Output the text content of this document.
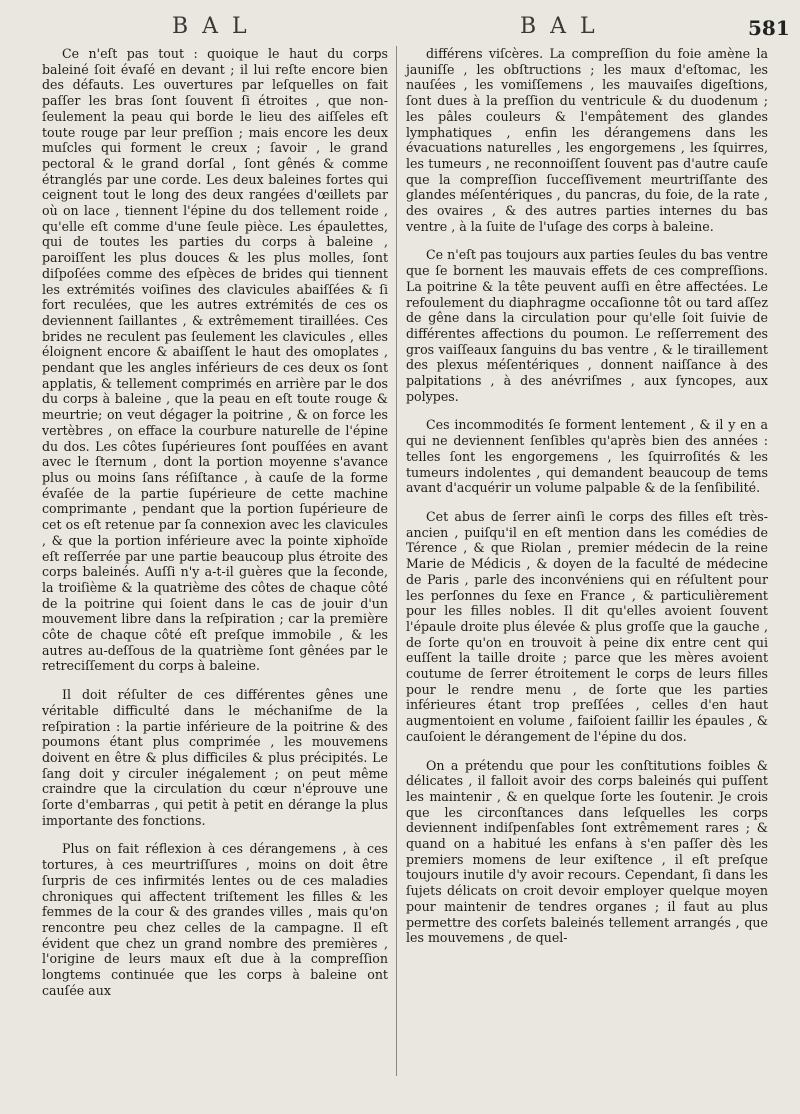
BAL	BAL	581

Ce n'eſt pas tout : quoique le haut du corps baleiné ſoit évaſé en devant ; il lui reſte encore bien des défauts. Les ouvertures par leſquelles on fait paſſer les bras ſont ſouvent ſi étroites , que non-ſeulement la peau qui borde le lieu des aiſſeles eſt toute rouge par leur preſſion ; mais encore les deux muſcles qui forment le creux ; ſavoir , le grand pectoral & le grand dorſal , ſont gênés & comme étranglés par une corde. Les deux baleines fortes qui ceignent tout le long des deux rangées d'œillets par où on lace , tiennent l'épine du dos tellement roide , qu'elle eſt comme d'une ſeule pièce. Les épaulettes, qui de toutes les parties du corps à baleine , paroiſſent les plus douces & les plus molles, ſont diſpoſées comme des eſpèces de brides qui tiennent les extrémités voiſines des clavicules abaiſſées & ſi fort reculées, que les autres extrémités de ces os deviennent ſaillantes , & extrêmement tiraillées. Ces brides ne reculent pas ſeulement les clavicules , elles éloignent encore & abaiſſent le haut des omoplates , pendant que les angles inférieurs de ces deux os ſont applatis, & tellement comprimés en arrière par le dos du corps à baleine , que la peau en eſt toute rouge & meurtrie; on veut dégager la poitrine , & on force les vertèbres , on efface la courbure naturelle de l'épine du dos. Les côtes ſupérieures ſont pouſſées en avant avec le ſternum , dont la portion moyenne s'avance plus ou moins ſans réſiſtance , à cauſe de la forme évaſée de la partie ſupérieure de cette machine comprimante , pendant que la portion ſupérieure de cet os eſt retenue par ſa connexion avec les clavicules , & que la portion inférieure avec la pointe xiphoïde eſt reſſerrée par une partie beaucoup plus étroite des corps baleinés. Auſſi n'y a-t-il guères que la ſeconde, la troiſième & la quatrième des côtes de chaque côté de la poitrine qui ſoient dans le cas de jouir d'un mouvement libre dans la reſpiration ; car la première côte de chaque côté eſt preſque immobile , & les autres au-deſſous de la quatrième ſont gênées par le retreciſſement du corps à baleine.

Il doit réſulter de ces différentes gênes une véritable difficulté dans le méchaniſme de la reſpiration : la partie inférieure de la poitrine & des poumons étant plus comprimée , les mouvemens doivent en être & plus difficiles & plus précipités. Le ſang doit y circuler inégalement ; on peut même craindre que la circulation du cœur n'éprouve une ſorte d'embarras , qui petit à petit en dérange la plus importante des fonctions.

Plus on fait réflexion à ces dérangemens , à ces tortures, à ces meurtriſſures , moins on doit être ſurpris de ces infirmités lentes ou de ces maladies chroniques qui affectent triſtement les filles & les femmes de la cour & des grandes villes , mais qu'on rencontre peu chez celles de la campagne. Il eſt évident que chez un grand nombre des premières , l'origine de leurs maux eſt due à la compreſſion longtems continuée que les corps à baleine ont cauſée aux

différens viſcères. La compreſſion du foie amène la jauniſſe , les obſtructions ; les maux d'eſtomac, les nauſées , les vomiſſemens , les mauvaiſes digeſtions, ſont dues à la preſſion du ventricule & du duodenum ; les pâles couleurs & l'empâtement des glandes lymphatiques , enfin les dérangemens dans les évacuations naturelles , les engorgemens , les ſquirres, les tumeurs , ne reconnoiſſent ſouvent pas d'autre cauſe que la compreſſion ſucceſſivement meurtriſſante des glandes méſentériques , du pancras, du foie, de la rate , des ovaires , & des autres parties internes du bas ventre , à la ſuite de l'uſage des corps à baleine.

Ce n'eſt pas toujours aux parties ſeules du bas ventre que ſe bornent les mauvais effets de ces compreſſions. La poitrine & la tête peuvent auſſi en être affectées. Le refoulement du diaphragme occaſionne tôt ou tard aſſez de gêne dans la circulation pour qu'elle ſoit ſuivie de différentes affections du poumon. Le reſſerrement des gros vaiſſeaux ſanguins du bas ventre , & le tiraillement des plexus méſentériques , donnent naiſſance à des palpitations , à des anévriſmes , aux ſyncopes, aux polypes.

Ces incommodités ſe forment lentement , & il y en a qui ne deviennent ſenſibles qu'après bien des années : telles ſont les engorgemens , les ſquirroſités & les tumeurs indolentes , qui demandent beaucoup de tems avant d'acquérir un volume palpable & de la ſenſibilité.

Cet abus de ſerrer ainſi le corps des filles eſt très-ancien , puiſqu'il en eſt mention dans les comédies de Térence , & que Riolan , premier médecin de la reine Marie de Médicis , & doyen de la faculté de médecine de Paris , parle des inconvéniens qui en réſultent pour les perſonnes du ſexe en France , & particulièrement pour les filles nobles. Il dit qu'elles avoient ſouvent l'épaule droite plus élevée & plus groſſe que la gauche , de ſorte qu'on en trouvoit à peine dix entre cent qui euſſent la taille droite ; parce que les mères avoient coutume de ſerrer étroitement le corps de leurs filles pour le rendre menu , de ſorte que les parties inférieures étant trop preſſées , celles d'en haut augmentoient en volume , faiſoient ſaillir les épaules , & cauſoient le dérangement de l'épine du dos.

On a prétendu que pour les conſtitutions foibles & délicates , il falloit avoir des corps baleinés qui puſſent les maintenir , & en quelque ſorte les ſoutenir. Je crois que les circonſtances dans leſquelles les corps deviennent indiſpenſables ſont extrêmement rares ; & quand on a habitué les enfans à s'en paſſer dès les premiers momens de leur exiſtence , il eſt preſque toujours inutile d'y avoir recours. Cependant, ſi dans les ſujets délicats on croit devoir employer quelque moyen pour maintenir de tendres organes ; il faut au plus permettre des corſets baleinés tellement arrangés , que les mouvemens , de quel-
